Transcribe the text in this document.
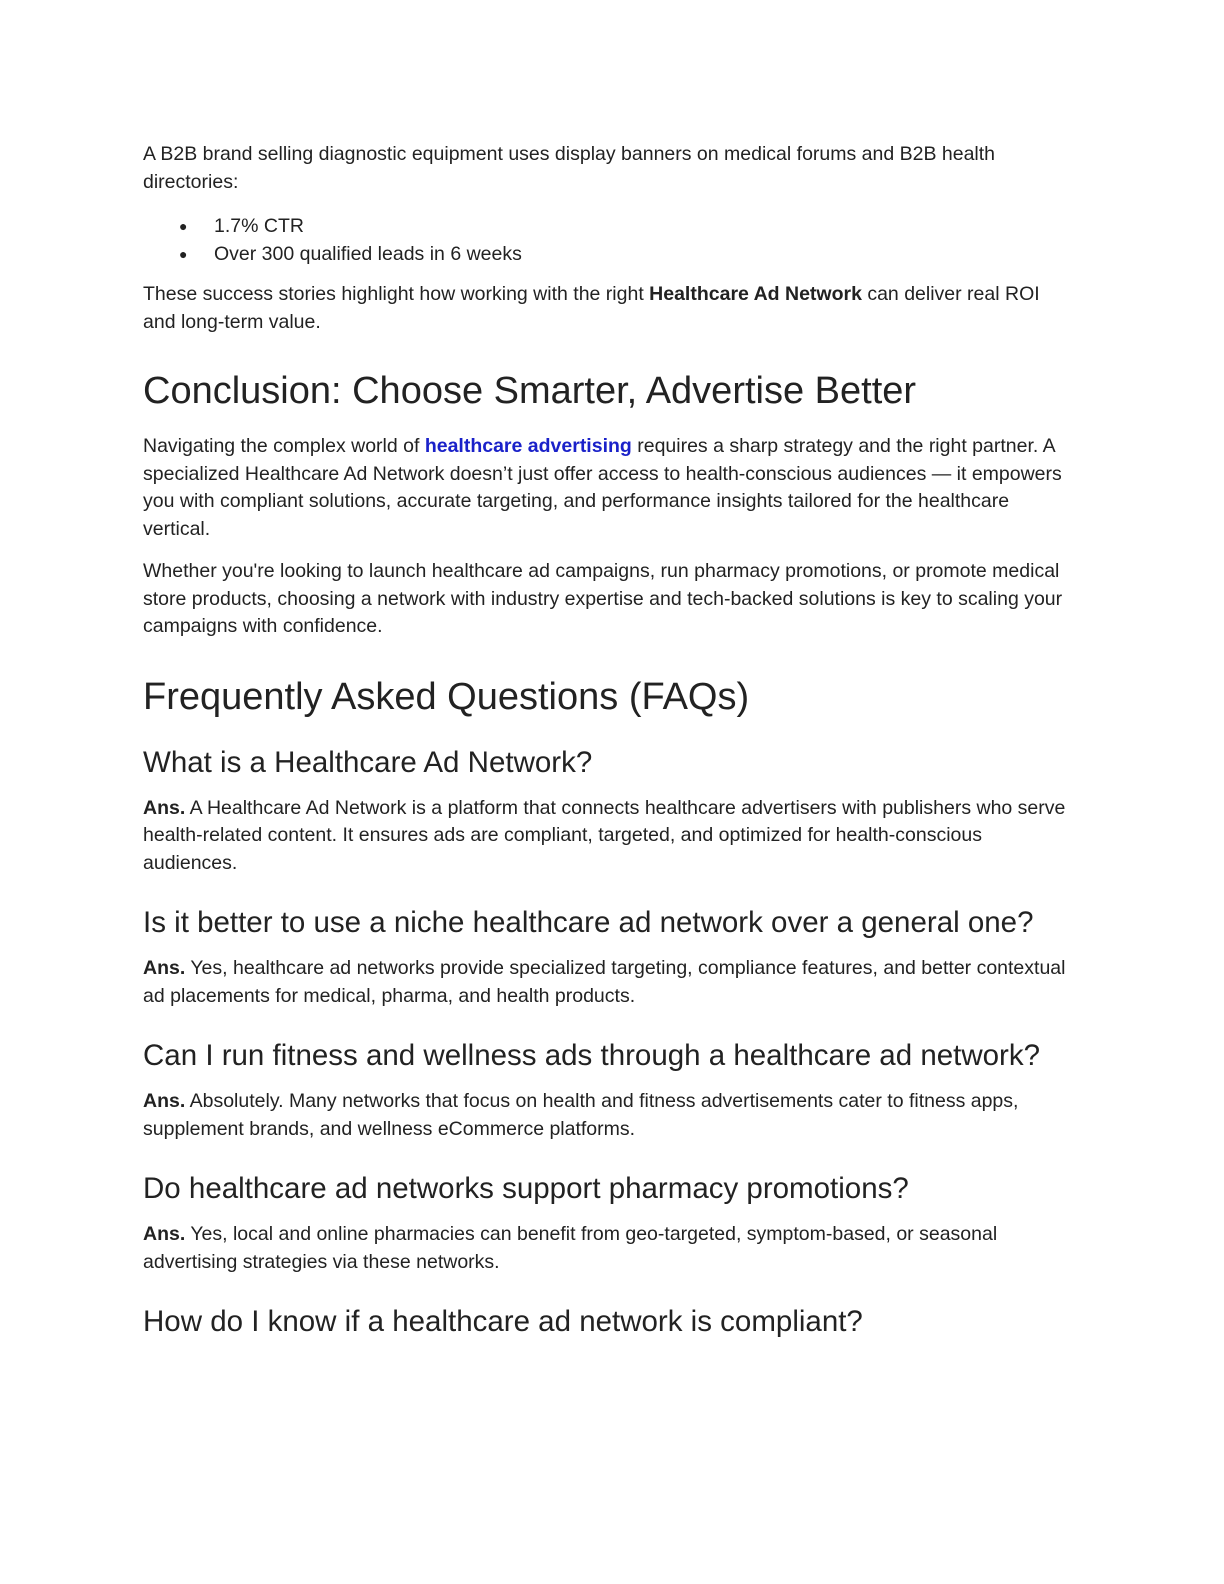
A B2B brand selling diagnostic equipment uses display banners on medical forums and B2B health directories:

● 1.7% CTR
● Over 300 qualified leads in 6 weeks

These success stories highlight how working with the right Healthcare Ad Network can deliver real ROI and long-term value.

Conclusion: Choose Smarter, Advertise Better

Navigating the complex world of healthcare advertising requires a sharp strategy and the right partner. A specialized Healthcare Ad Network doesn’t just offer access to health-conscious audiences — it empowers you with compliant solutions, accurate targeting, and performance insights tailored for the healthcare vertical.

Whether you're looking to launch healthcare ad campaigns, run pharmacy promotions, or promote medical store products, choosing a network with industry expertise and tech-backed solutions is key to scaling your campaigns with confidence.

Frequently Asked Questions (FAQs)
What is a Healthcare Ad Network?

Ans. A Healthcare Ad Network is a platform that connects healthcare advertisers with publishers who serve health-related content. It ensures ads are compliant, targeted, and optimized for health-conscious audiences.

Is it better to use a niche healthcare ad network over a general one?

Ans. Yes, healthcare ad networks provide specialized targeting, compliance features, and better contextual ad placements for medical, pharma, and health products.

Can I run fitness and wellness ads through a healthcare ad network?

Ans. Absolutely. Many networks that focus on health and fitness advertisements cater to fitness apps, supplement brands, and wellness eCommerce platforms.

Do healthcare ad networks support pharmacy promotions?

Ans. Yes, local and online pharmacies can benefit from geo-targeted, symptom-based, or seasonal advertising strategies via these networks.

How do I know if a healthcare ad network is compliant?
